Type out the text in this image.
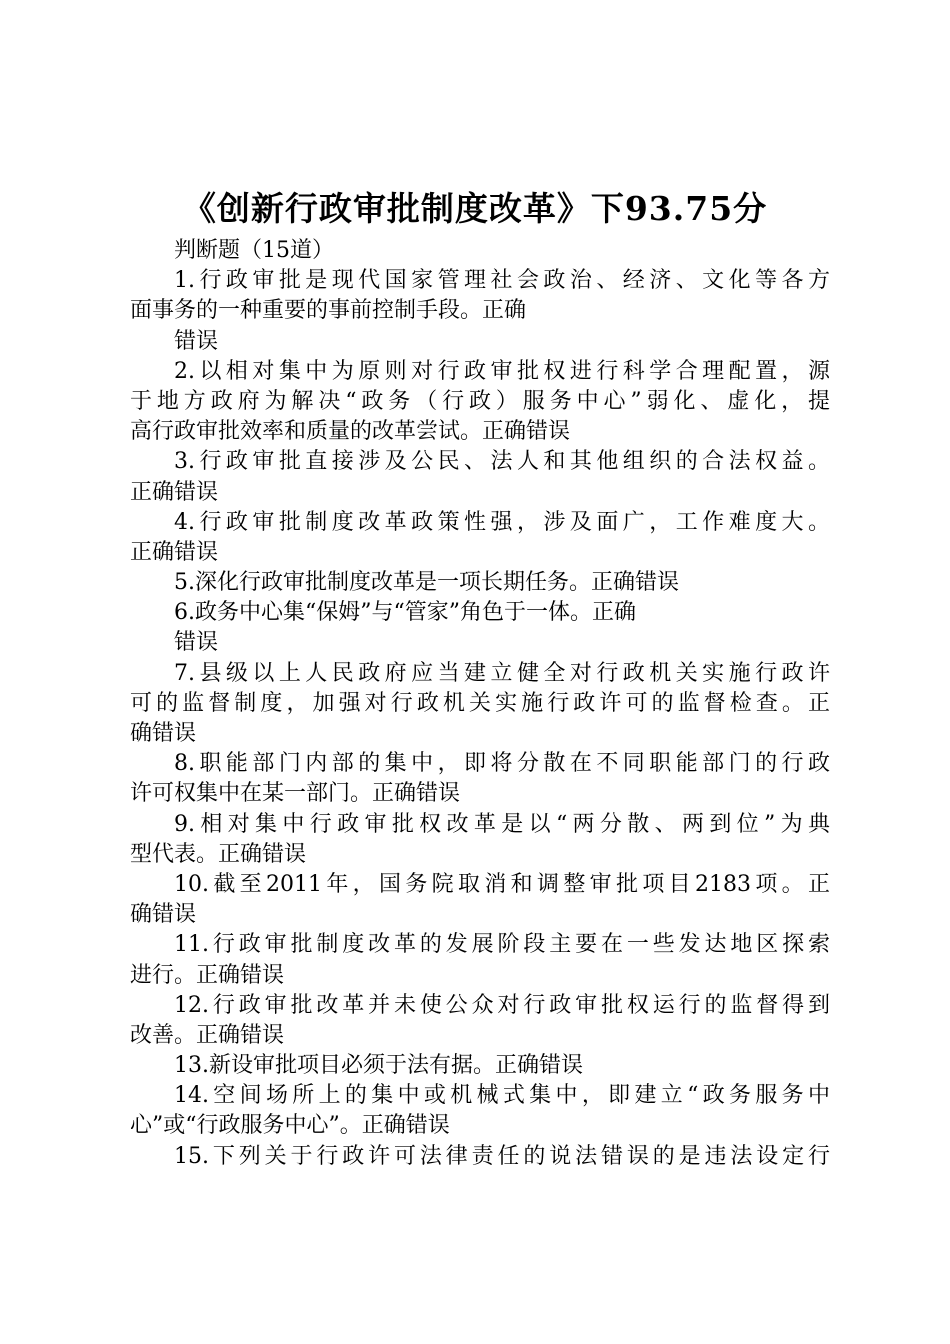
《创新行政审批制度改革》下93.75分
判断题（15道）
1.行政审批是现代国家管理社会政治、经济、文化等各方
面事务的一种重要的事前控制手段。正确
错误
2.以相对集中为原则对行政审批权进行科学合理配置，源
于地方政府为解决“政务（行政）服务中心”弱化、虚化，提
高行政审批效率和质量的改革尝试。正确错误
3.行政审批直接涉及公民、法人和其他组织的合法权益。
正确错误
4.行政审批制度改革政策性强，涉及面广，工作难度大。
正确错误
5.深化行政审批制度改革是一项长期任务。正确错误
6.政务中心集“保姆”与“管家”角色于一体。正确
错误
7.县级以上人民政府应当建立健全对行政机关实施行政许
可的监督制度，加强对行政机关实施行政许可的监督检查。正
确错误
8.职能部门内部的集中，即将分散在不同职能部门的行政
许可权集中在某一部门。正确错误
9.相对集中行政审批权改革是以“两分散、两到位”为典
型代表。正确错误
10.截至2011年，国务院取消和调整审批项目2183项。正
确错误
11.行政审批制度改革的发展阶段主要在一些发达地区探索
进行。正确错误
12.行政审批改革并未使公众对行政审批权运行的监督得到
改善。正确错误
13.新设审批项目必须于法有据。正确错误
14.空间场所上的集中或机械式集中，即建立“政务服务中
心”或“行政服务中心”。正确错误
15.下列关于行政许可法律责任的说法错误的是违法设定行
